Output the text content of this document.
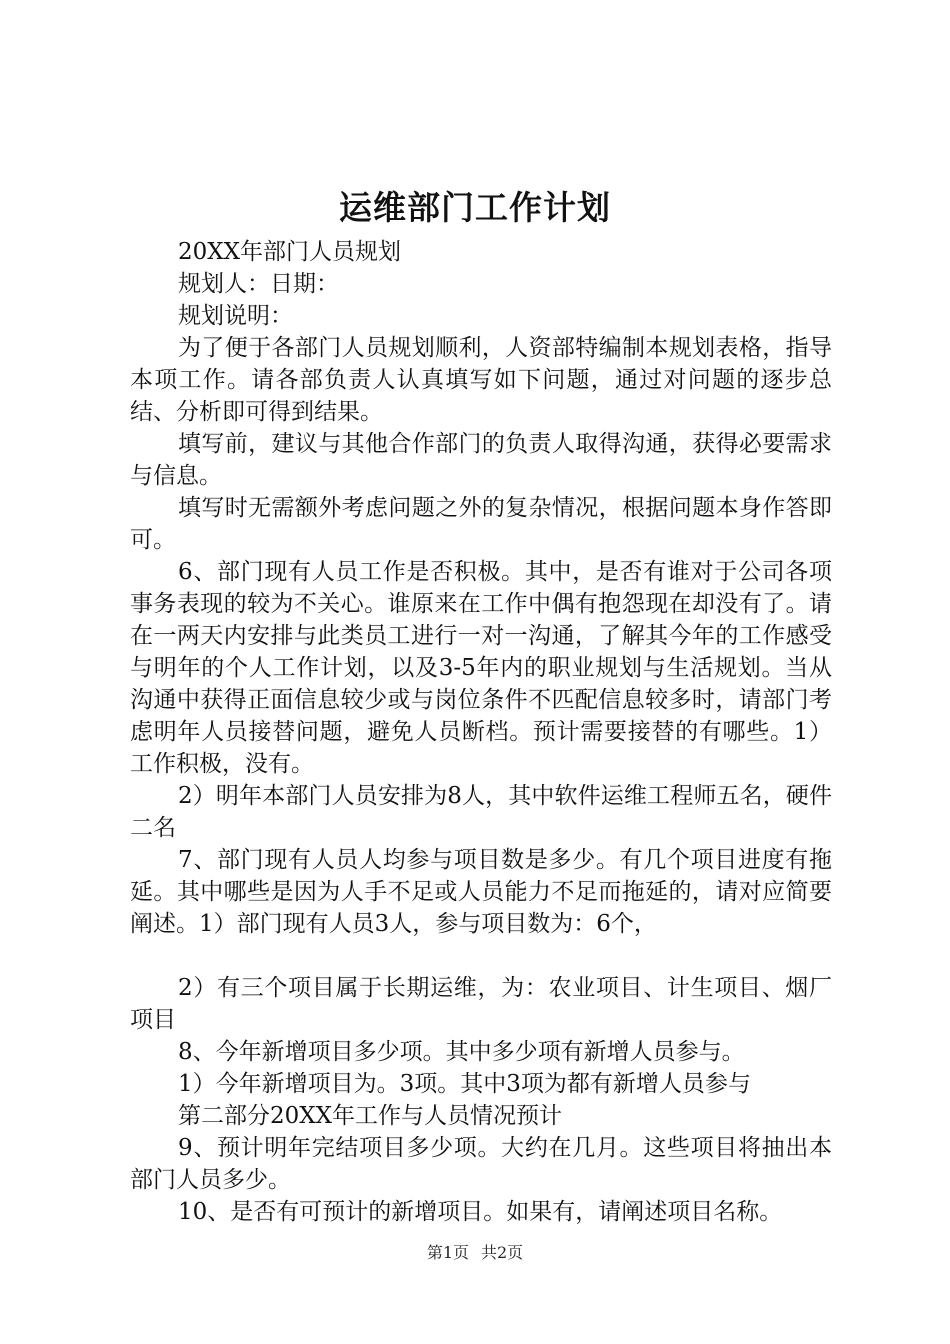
运维部门工作计划

20XX年部门人员规划

规划人：日期：

规划说明：

为了便于各部门人员规划顺利，人资部特编制本规划表格，指导本项工作。请各部负责人认真填写如下问题，通过对问题的逐步总结、分析即可得到结果。

填写前，建议与其他合作部门的负责人取得沟通，获得必要需求与信息。

填写时无需额外考虑问题之外的复杂情况，根据问题本身作答即可。

6、部门现有人员工作是否积极。其中，是否有谁对于公司各项事务表现的较为不关心。谁原来在工作中偶有抱怨现在却没有了。请在一两天内安排与此类员工进行一对一沟通，了解其今年的工作感受与明年的个人工作计划，以及3-5年内的职业规划与生活规划。当从沟通中获得正面信息较少或与岗位条件不匹配信息较多时，请部门考虑明年人员接替问题，避免人员断档。预计需要接替的有哪些。1）工作积极，没有。

2）明年本部门人员安排为8人，其中软件运维工程师五名，硬件二名

7、部门现有人员人均参与项目数是多少。有几个项目进度有拖延。其中哪些是因为人手不足或人员能力不足而拖延的，请对应简要阐述。1）部门现有人员3人，参与项目数为：6个，

2）有三个项目属于长期运维，为：农业项目、计生项目、烟厂项目

8、今年新增项目多少项。其中多少项有新增人员参与。

1）今年新增项目为。3项。其中3项为都有新增人员参与

第二部分20XX年工作与人员情况预计

9、预计明年完结项目多少项。大约在几月。这些项目将抽出本部门人员多少。

10、是否有可预计的新增项目。如果有，请阐述项目名称。

第1页 共2页
